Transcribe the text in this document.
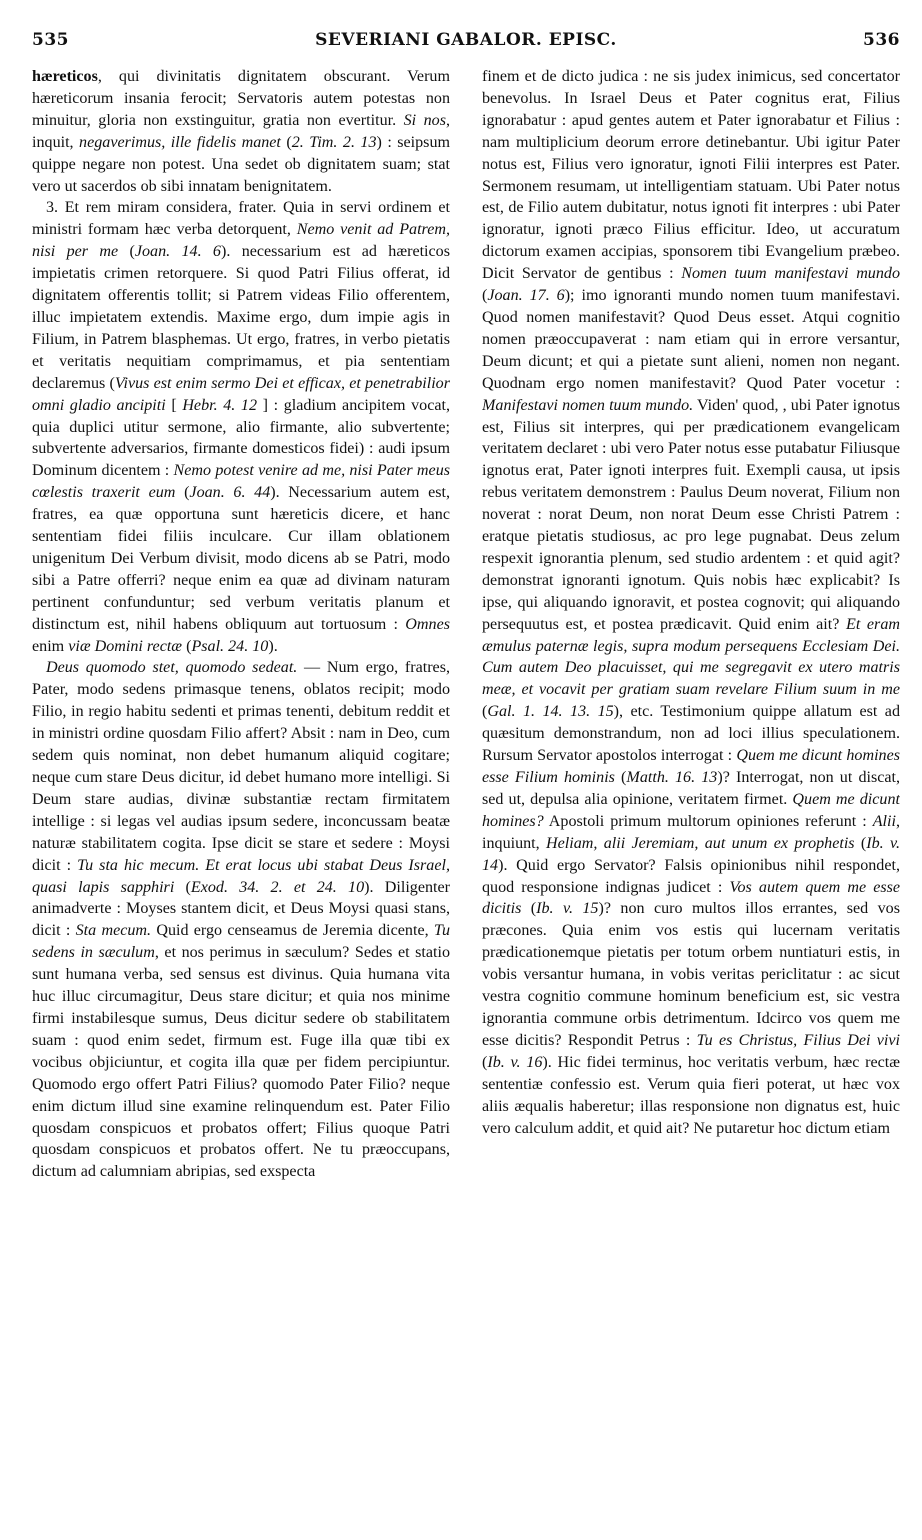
535	SEVERIANI GABALOR. EPISC.	536

hæreticos, qui divinitatis dignitatem obscurant. Verum hæreticorum insania ferocit; Servatoris autem potestas non minuitur, gloria non exstinguitur, gratia non evertitur. Si nos, inquit, negaverimus, ille fidelis manet (2. Tim. 2. 13) : seipsum quippe negare non potest. Una sedet ob dignitatem suam; stat vero ut sacerdos ob sibi innatam benignitatem.

3. Et rem miram considera, frater. Quia in servi ordinem et ministri formam hæc verba detorquent, Nemo venit ad Patrem, nisi per me (Joan. 14. 6). necessarium est ad hæreticos impietatis crimen retorquere. Si quod Patri Filius offerat, id dignitatem offerentis tollit; si Patrem videas Filio offerentem, illuc impietatem extendis. Maxime ergo, dum impie agis in Filium, in Patrem blasphemas. Ut ergo, fratres, in verbo pietatis et veritatis nequitiam comprimamus, et pia sententiam declaremus (Vivus est enim sermo Dei et efficax, et penetrabilior omni gladio ancipiti [ Hebr. 4. 12 ] : gladium ancipitem vocat, quia duplici utitur sermone, alio firmante, alio subvertente; subvertente adversarios, firmante domesticos fidei) : audi ipsum Dominum dicentem : Nemo potest venire ad me, nisi Pater meus cœlestis traxerit eum (Joan. 6. 44). Necessarium autem est, fratres, ea quæ opportuna sunt hæreticis dicere, et hanc sententiam fidei filiis inculcare. Cur illam oblationem unigenitum Dei Verbum divisit, modo dicens ab se Patri, modo sibi a Patre offerri? neque enim ea quæ ad divinam naturam pertinent confunduntur; sed verbum veritatis planum et distinctum est, nihil habens obliquum aut tortuosum : Omnes enim viæ Domini rectæ (Psal. 24. 10).

Deus quomodo stet, quomodo sedeat. — Num ergo, fratres, Pater, modo sedens primasque tenens, oblatos recipit; modo Filio, in regio habitu sedenti et primas tenenti, debitum reddit et in ministri ordine quosdam Filio affert? Absit : nam in Deo, cum sedem quis nominat, non debet humanum aliquid cogitare; neque cum stare Deus dicitur, id debet humano more intelligi. Si Deum stare audias, divinæ substantiæ rectam firmitatem intellige : si legas vel audias ipsum sedere, inconcussam beatæ naturæ stabilitatem cogita. Ipse dicit se stare et sedere : Moysi dicit : Tu sta hic mecum. Et erat locus ubi stabat Deus Israel, quasi lapis sapphiri (Exod. 34. 2. et 24. 10). Diligenter animadverte : Moyses stantem dicit, et Deus Moysi quasi stans, dicit : Sta mecum. Quid ergo censeamus de Jeremia dicente, Tu sedens in sæculum, et nos perimus in sæculum? Sedes et statio sunt humana verba, sed sensus est divinus. Quia humana vita huc illuc circumagitur, Deus stare dicitur; et quia nos minime firmi instabilesque sumus, Deus dicitur sedere ob stabilitatem suam : quod enim sedet, firmum est. Fuge illa quæ tibi ex vocibus objiciuntur, et cogita illa quæ per fidem percipiuntur. Quomodo ergo offert Patri Filius? quomodo Pater Filio? neque enim dictum illud sine examine relinquendum est. Pater Filio quosdam conspicuos et probatos offert; Filius quoque Patri quosdam conspicuos et probatos offert. Ne tu præoccupans, dictum ad calumniam abripias, sed exspecta

finem et de dicto judica : ne sis judex inimicus, sed concertator benevolus. In Israel Deus et Pater cognitus erat, Filius ignorabatur : apud gentes autem et Pater ignorabatur et Filius : nam multiplicium deorum errore detinebantur. Ubi igitur Pater notus est, Filius vero ignoratur, ignoti Filii interpres est Pater. Sermonem resumam, ut intelligentiam statuam. Ubi Pater notus est, de Filio autem dubitatur, notus ignoti fit interpres : ubi Pater ignoratur, ignoti præco Filius efficitur. Ideo, ut accuratum dictorum examen accipias, sponsorem tibi Evangelium præbeo. Dicit Servator de gentibus : Nomen tuum manifestavi mundo (Joan. 17. 6); imo ignoranti mundo nomen tuum manifestavi. Quod nomen manifestavit? Quod Deus esset. Atqui cognitio nomen præoccupaverat : nam etiam qui in errore versantur, Deum dicunt; et qui a pietate sunt alieni, nomen non negant. Quodnam ergo nomen manifestavit? Quod Pater vocetur : Manifestavi nomen tuum mundo. Viden' quod, , ubi Pater ignotus est, Filius sit interpres, qui per prædicationem evangelicam veritatem declaret : ubi vero Pater notus esse putabatur Filiusque ignotus erat, Pater ignoti interpres fuit. Exempli causa, ut ipsis rebus veritatem demonstrem : Paulus Deum noverat, Filium non noverat : norat Deum, non norat Deum esse Christi Patrem : eratque pietatis studiosus, ac pro lege pugnabat. Deus zelum respexit ignorantia plenum, sed studio ardentem : et quid agit? demonstrat ignoranti ignotum. Quis nobis hæc explicabit? Is ipse, qui aliquando ignoravit, et postea cognovit; qui aliquando persequutus est, et postea prædicavit. Quid enim ait? Et eram æmulus paternæ legis, supra modum persequens Ecclesiam Dei. Cum autem Deo placuisset, qui me segregavit ex utero matris meæ, et vocavit per gratiam suam revelare Filium suum in me (Gal. 1. 14. 13. 15), etc. Testimonium quippe allatum est ad quæsitum demonstrandum, non ad loci illius speculationem. Rursum Servator apostolos interrogat : Quem me dicunt homines esse Filium hominis (Matth. 16. 13)? Interrogat, non ut discat, sed ut, depulsa alia opinione, veritatem firmet. Quem me dicunt homines? Apostoli primum multorum opiniones referunt : Alii, inquiunt, Heliam, alii Jeremiam, aut unum ex prophetis (Ib. v. 14). Quid ergo Servator? Falsis opinionibus nihil respondet, quod responsione indignas judicet : Vos autem quem me esse dicitis (Ib. v. 15)? non curo multos illos errantes, sed vos præcones. Quia enim vos estis qui lucernam veritatis prædicationemque pietatis per totum orbem nuntiaturi estis, in vobis versantur humana, in vobis veritas periclitatur : ac sicut vestra cognitio commune hominum beneficium est, sic vestra ignorantia commune orbis detrimentum. Idcirco vos quem me esse dicitis? Respondit Petrus : Tu es Christus, Filius Dei vivi (Ib. v. 16). Hic fidei terminus, hoc veritatis verbum, hæc rectæ sententiæ confessio est. Verum quia fieri poterat, ut hæc vox aliis æqualis haberetur; illas responsione non dignatus est, huic vero calculum addit, et quid ait? Ne putaretur hoc dictum etiam
